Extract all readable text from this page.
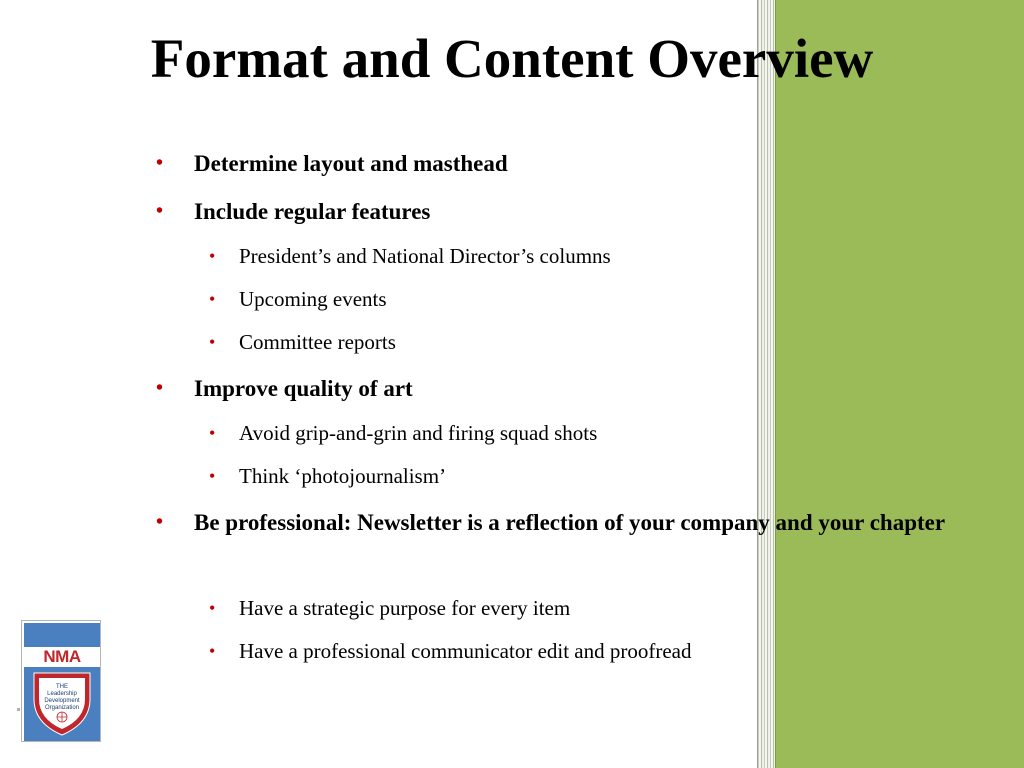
Format and Content Overview
•	Determine layout and masthead
•	Include regular features
•	President’s and National Director’s columns
•	Upcoming events
•	Committee reports
•	Improve quality of art
•	Avoid grip-and-grin and firing squad shots
•	Think ‘photojournalism’
•	Be professional: Newsletter is a reflection of your company and your chapter
•	Have a strategic purpose for every item
•	Have a professional communicator edit and proofread
NMA
THE
Leadership
Development
Organization
